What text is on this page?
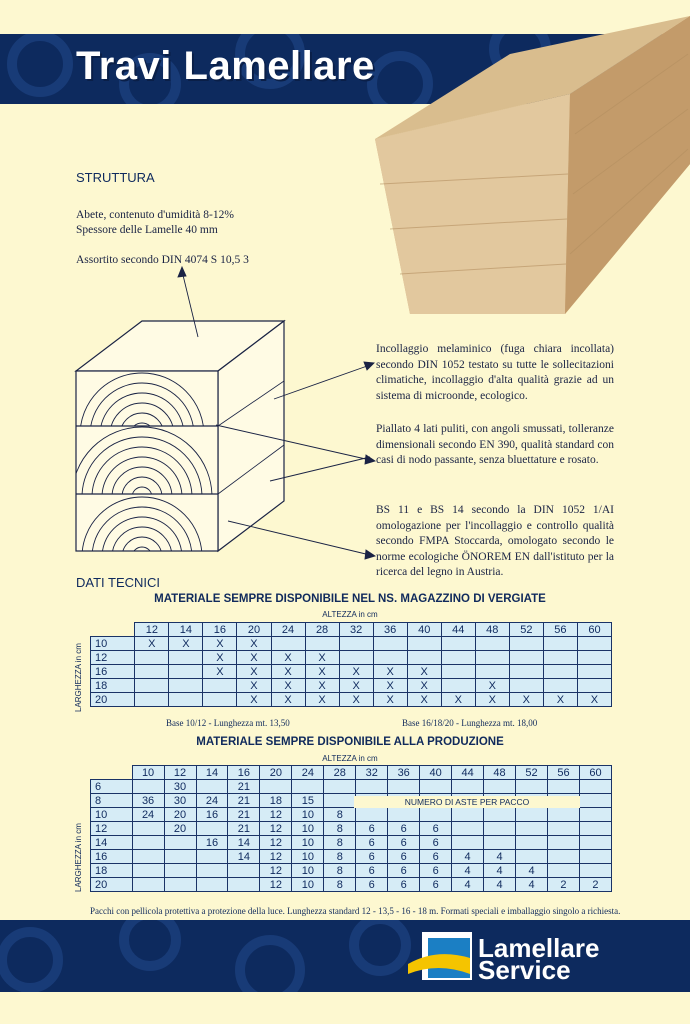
Travi Lamellare
STRUTTURA
Abete, contenuto d'umidità 8-12%
Spessore delle Lamelle 40 mm
Assortito secondo DIN 4074 S 10,5 3
Incollaggio melaminico (fuga chiara incollata) secondo DIN 1052 testato su tutte le sollecitazioni climatiche, incollaggio d'alta qualità grazie ad un sistema di microonde, ecologico.
Piallato 4 lati puliti, con angoli smussati, tolleranze dimensionali secondo EN 390, qualità standard con casi di nodo passante, senza bluettature e rosato.
BS 11 e BS 14 secondo la DIN 1052 1/AI omologazione per l'incollaggio e controllo qualità secondo FMPA Stoccarda, omologato secondo le norme ecologiche ÖNOREM EN dall'istituto per la ricerca del legno in Austria.
DATI TECNICI
MATERIALE SEMPRE DISPONIBILE NEL NS. MAGAZZINO DI VERGIATE
ALTEZZA in cm
LARGHEZZA in cm
	12	14	16	20	24	28	32	36	40	44	48	52	56	60
10	X	X	X	X										
12			X	X	X	X								
16			X	X	X	X	X	X	X					
18				X	X	X	X	X	X		X			
20				X	X	X	X	X	X	X	X	X	X	X
Base 10/12 - Lunghezza mt. 13,50	Base 16/18/20 - Lunghezza mt. 18,00
MATERIALE SEMPRE DISPONIBILE ALLA PRODUZIONE
ALTEZZA in cm
LARGHEZZA in cm
	10	12	14	16	20	24	28	32	36	40	44	48	52	56	60
6		30		21											
8	36	30	24	21	18	15									
10	24	20	16	21	12	10	8								
12		20		21	12	10	8	6	6	6					
14			16	14	12	10	8	6	6	6					
16				14	12	10	8	6	6	6	4	4			
18					12	10	8	6	6	6	4	4	4		
20					12	10	8	6	6	6	4	4	4	2	2
NUMERO DI ASTE PER PACCO
Pacchi con pellicola protettiva a protezione della luce. Lunghezza standard 12 - 13,5 - 16 - 18 m. Formati speciali e imballaggio singolo a richiesta.
Lamellare
Service
